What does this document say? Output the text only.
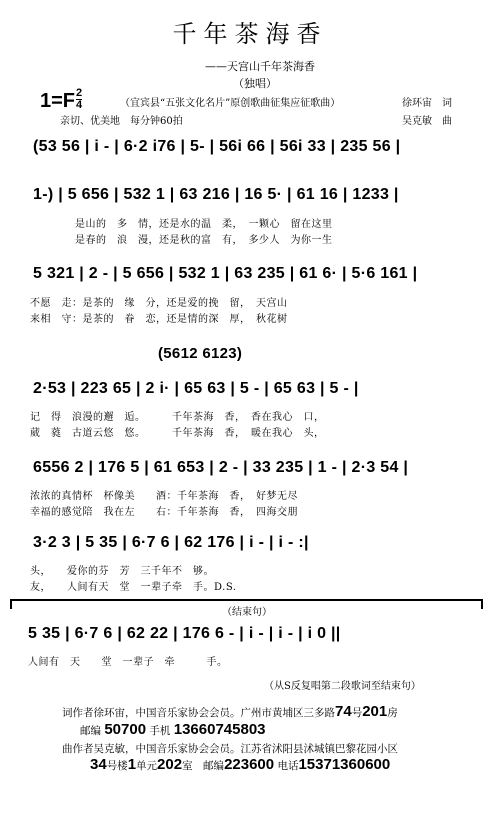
千年茶海香
——天宫山千年茶海香
（独唱）
1=F 2
4	（宜宾县“五张文化名片”原创歌曲征集应征歌曲）	徐环宙　词
亲切、优美地　每分钟60拍	吴克敏　曲
(53 56 | i - | 6·2 i76 | 5- | 56i 66 | 56i 33 | 235 56 |
1-) | 5 656 | 532 1 | 63 216 | 16 5· | 61 16 | 1233 |
是山的　多　情，还是水的温　柔，　一颗心　留在这里
是春的　浪　漫，还是秋的富　有，　多少人　为你一生
5 321 | 2 - | 5 656 | 532 1 | 63 235 | 61 6· | 5·6 161 |
不愿　走：是茶的　缘　分，还是爱的挽　留，　天宫山
来相　守：是茶的　眷　恋，还是情的深　厚，　秋花树
(5612 6123)
2·53 | 223 65 | 2 i· | 65 63 | 5 - | 65 63 | 5 - |
记　得　浪漫的邂　逅。　　　千年茶海　香，　香在我心　口，
葳　蕤　古道云悠　悠。　　　千年茶海　香，　暖在我心　头，
6556 2 | 176 5 | 61 653 | 2 - | 33 235 | 1 - | 2·3 54 |
浓浓的真情杯　杯像美　　酒：千年茶海　香，　好梦无尽
幸福的感觉陪　我在左　　右：千年茶海　香，　四海交朋
3·2 3 | 5 35 | 6·7 6 | 62 176 | i - | i - :|
头，　　爱你的芬　芳　三千年不　够。
友，　　人间有天　堂　一辈子牵　手。D.S.
（结束句）
5 35 | 6·7 6 | 62 22 | 176 6 - | i - | i - | i 0 ||
人间有　天　　堂　一辈子　牵　　　手。
（从S反复唱第二段歌词至结束句）
词作者徐环宙，中国音乐家协会会员。广州市黄埔区三多路74号201房
邮编 50700 手机 13660745803
曲作者吴克敏，中国音乐家协会会员。江苏省沭阳县沭城镇巴黎花园小区
34号楼1单元202室　邮编223600 电话15371360600
